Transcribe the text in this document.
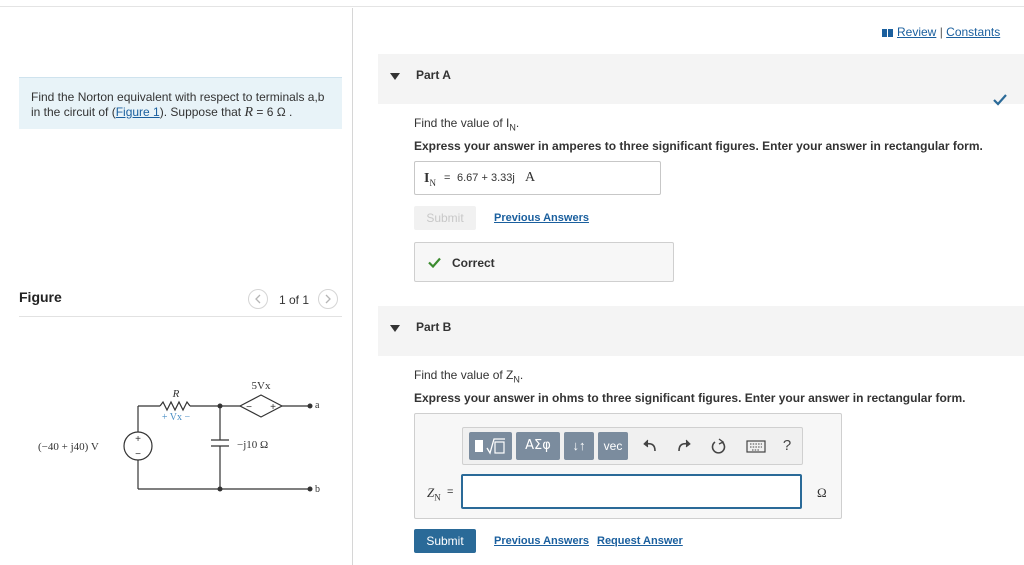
Find the Norton equivalent with respect to terminals a,b in the circuit of (Figure 1). Suppose that R = 6 Ω .
Figure	1 of 1
+
−
− +
(−40 + j40) V
R
+ Vx −
5Vx
−j10 Ω
a
b
Review | Constants
Part A
Find the value of $I_N$.
Express your answer in amperes to three significant figures. Enter your answer in rectangular form.
$I_N = 6.67 + 3.33j$ A
Submit	Previous Answers
Correct
Part B
Find the value of $Z_N$.
Express your answer in ohms to three significant figures. Enter your answer in rectangular form.
ΑΣφ	↓↑	vec	?
$Z_N$ =	Ω
Submit	Previous Answers Request Answer
